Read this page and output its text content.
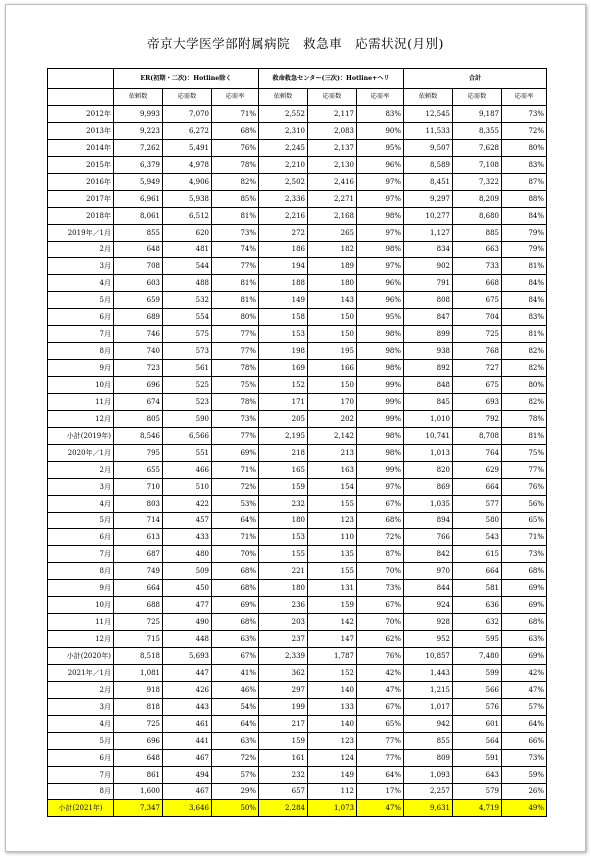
帝京大学医学部附属病院　救急車　応需状況(月別)
	ER(初期・二次)：Hotline除く			救命救急センター(三次)：Hotline+ヘリ			合計		
	依頼数	応需数	応需率	依頼数	応需数	応需率	依頼数	応需数	応需率
2012年	9,993	7,070	71%	2,552	2,117	83%	12,545	9,187	73%
2013年	9,223	6,272	68%	2,310	2,083	90%	11,533	8,355	72%
2014年	7,262	5,491	76%	2,245	2,137	95%	9,507	7,628	80%
2015年	6,379	4,978	78%	2,210	2,130	96%	8,589	7,108	83%
2016年	5,949	4,906	82%	2,502	2,416	97%	8,451	7,322	87%
2017年	6,961	5,938	85%	2,336	2,271	97%	9,297	8,209	88%
2018年	8,061	6,512	81%	2,216	2,168	98%	10,277	8,680	84%
2019年／1月	855	620	73%	272	265	97%	1,127	885	79%
2月	648	481	74%	186	182	98%	834	663	79%
3月	708	544	77%	194	189	97%	902	733	81%
4月	603	488	81%	188	180	96%	791	668	84%
5月	659	532	81%	149	143	96%	808	675	84%
6月	689	554	80%	158	150	95%	847	704	83%
7月	746	575	77%	153	150	98%	899	725	81%
8月	740	573	77%	198	195	98%	938	768	82%
9月	723	561	78%	169	166	98%	892	727	82%
10月	696	525	75%	152	150	99%	848	675	80%
11月	674	523	78%	171	170	99%	845	693	82%
12月	805	590	73%	205	202	99%	1,010	792	78%
小計(2019年)	8,546	6,566	77%	2,195	2,142	98%	10,741	8,708	81%
2020年／1月	795	551	69%	218	213	98%	1,013	764	75%
2月	655	466	71%	165	163	99%	820	629	77%
3月	710	510	72%	159	154	97%	869	664	76%
4月	803	422	53%	232	155	67%	1,035	577	56%
5月	714	457	64%	180	123	68%	894	580	65%
6月	613	433	71%	153	110	72%	766	543	71%
7月	687	480	70%	155	135	87%	842	615	73%
8月	749	509	68%	221	155	70%	970	664	68%
9月	664	450	68%	180	131	73%	844	581	69%
10月	688	477	69%	236	159	67%	924	636	69%
11月	725	490	68%	203	142	70%	928	632	68%
12月	715	448	63%	237	147	62%	952	595	63%
小計(2020年)	8,518	5,693	67%	2,339	1,787	76%	10,857	7,480	69%
2021年／1月	1,081	447	41%	362	152	42%	1,443	599	42%
2月	918	426	46%	297	140	47%	1,215	566	47%
3月	818	443	54%	199	133	67%	1,017	576	57%
4月	725	461	64%	217	140	65%	942	601	64%
5月	696	441	63%	159	123	77%	855	564	66%
6月	648	467	72%	161	124	77%	809	591	73%
7月	861	494	57%	232	149	64%	1,093	643	59%
8月	1,600	467	29%	657	112	17%	2,257	579	26%
小計(2021年)	7,347	3,646	50%	2,284	1,073	47%	9,631	4,719	49%
